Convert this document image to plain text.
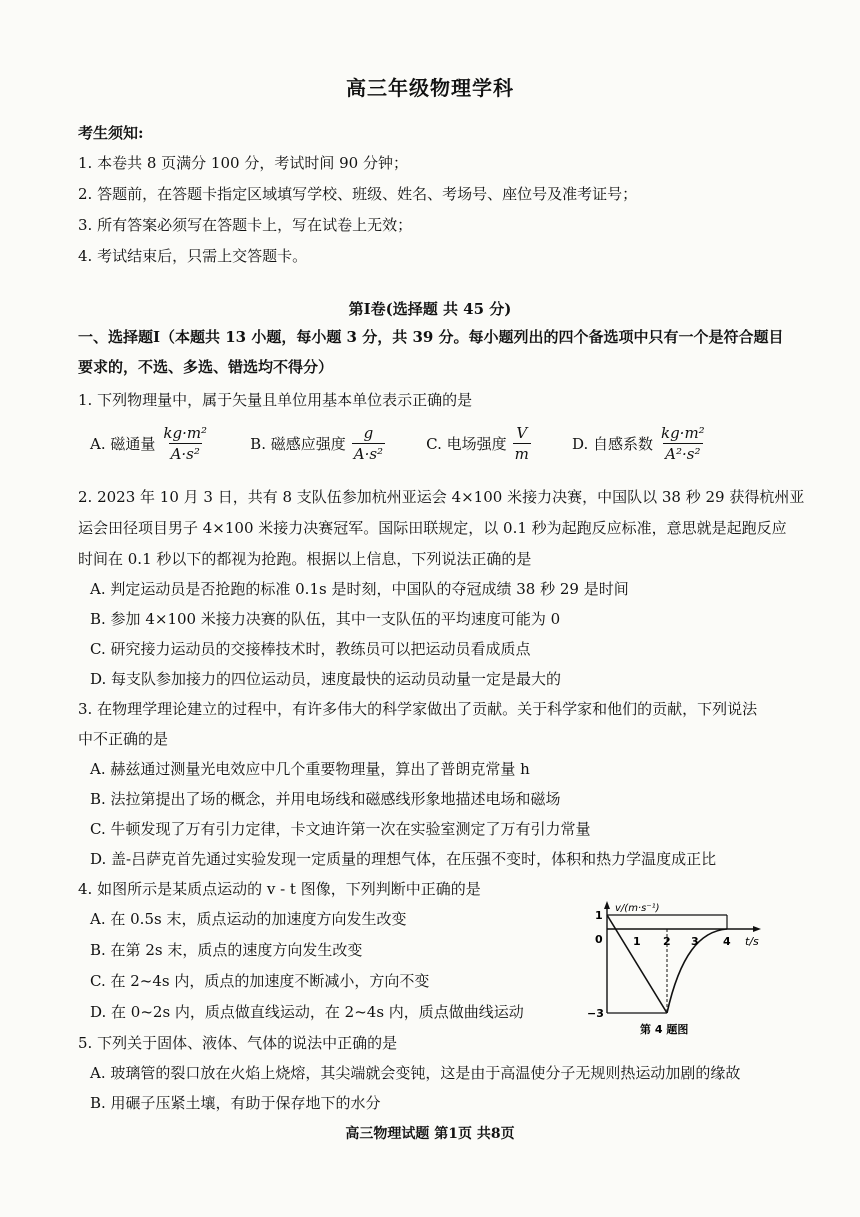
高三年级物理学科
考生须知:
1. 本卷共 8 页满分 100 分，考试时间 90 分钟；
2. 答题前，在答题卡指定区域填写学校、班级、姓名、考场号、座位号及准考证号；
3. 所有答案必须写在答题卡上，写在试卷上无效；
4. 考试结束后，只需上交答题卡。
第Ⅰ卷(选择题 共 45 分)
一、选择题Ⅰ（本题共 13 小题，每小题 3 分，共 39 分。每小题列出的四个备选项中只有一个是符合题目
要求的，不选、多选、错选均不得分）
1. 下列物理量中，属于矢量且单位用基本单位表示正确的是
A. 磁通量 $\frac{\text{kg·m²}}{\text{A·s²}}$
	B. 磁感应强度 $\frac{g}{\text{A·s²}}$
	C. 电场强度 $\frac{V}{m}$
	D. 自感系数 $\frac{\text{kg·m²}}{\text{A²·s²}}$
2. 2023 年 10 月 3 日，共有 8 支队伍参加杭州亚运会 4×100 米接力决赛，中国队以 38 秒 29 获得杭州亚
运会田径项目男子 4×100 米接力决赛冠军。国际田联规定，以 0.1 秒为起跑反应标准，意思就是起跑反应
时间在 0.1 秒以下的都视为抢跑。根据以上信息，下列说法正确的是
A. 判定运动员是否抢跑的标准 0.1s 是时刻，中国队的夺冠成绩 38 秒 29 是时间
B. 参加 4×100 米接力决赛的队伍，其中一支队伍的平均速度可能为 0
C. 研究接力运动员的交接棒技术时，教练员可以把运动员看成质点
D. 每支队参加接力的四位运动员，速度最快的运动员动量一定是最大的
3. 在物理学理论建立的过程中，有许多伟大的科学家做出了贡献。关于科学家和他们的贡献，下列说法
中不正确的是
A. 赫兹通过测量光电效应中几个重要物理量，算出了普朗克常量 h
B. 法拉第提出了场的概念，并用电场线和磁感线形象地描述电场和磁场
C. 牛顿发现了万有引力定律，卡文迪许第一次在实验室测定了万有引力常量
D. 盖-吕萨克首先通过实验发现一定质量的理想气体，在压强不变时，体积和热力学温度成正比
4. 如图所示是某质点运动的 v - t 图像，下列判断中正确的是
A. 在 0.5s 末，质点运动的加速度方向发生改变
B. 在第 2s 末，质点的速度方向发生改变
C. 在 2~4s 内，质点的加速度不断减小，方向不变
D. 在 0~2s 内，质点做直线运动，在 2~4s 内，质点做曲线运动
1
0
−3
1 2 3 4
v/(m·s⁻¹)
t/s
第 4 题图
5. 下列关于固体、液体、气体的说法中正确的是
A. 玻璃管的裂口放在火焰上烧熔，其尖端就会变钝，这是由于高温使分子无规则热运动加剧的缘故
B. 用碾子压紧土壤，有助于保存地下的水分
高三物理试题 第1页 共8页
